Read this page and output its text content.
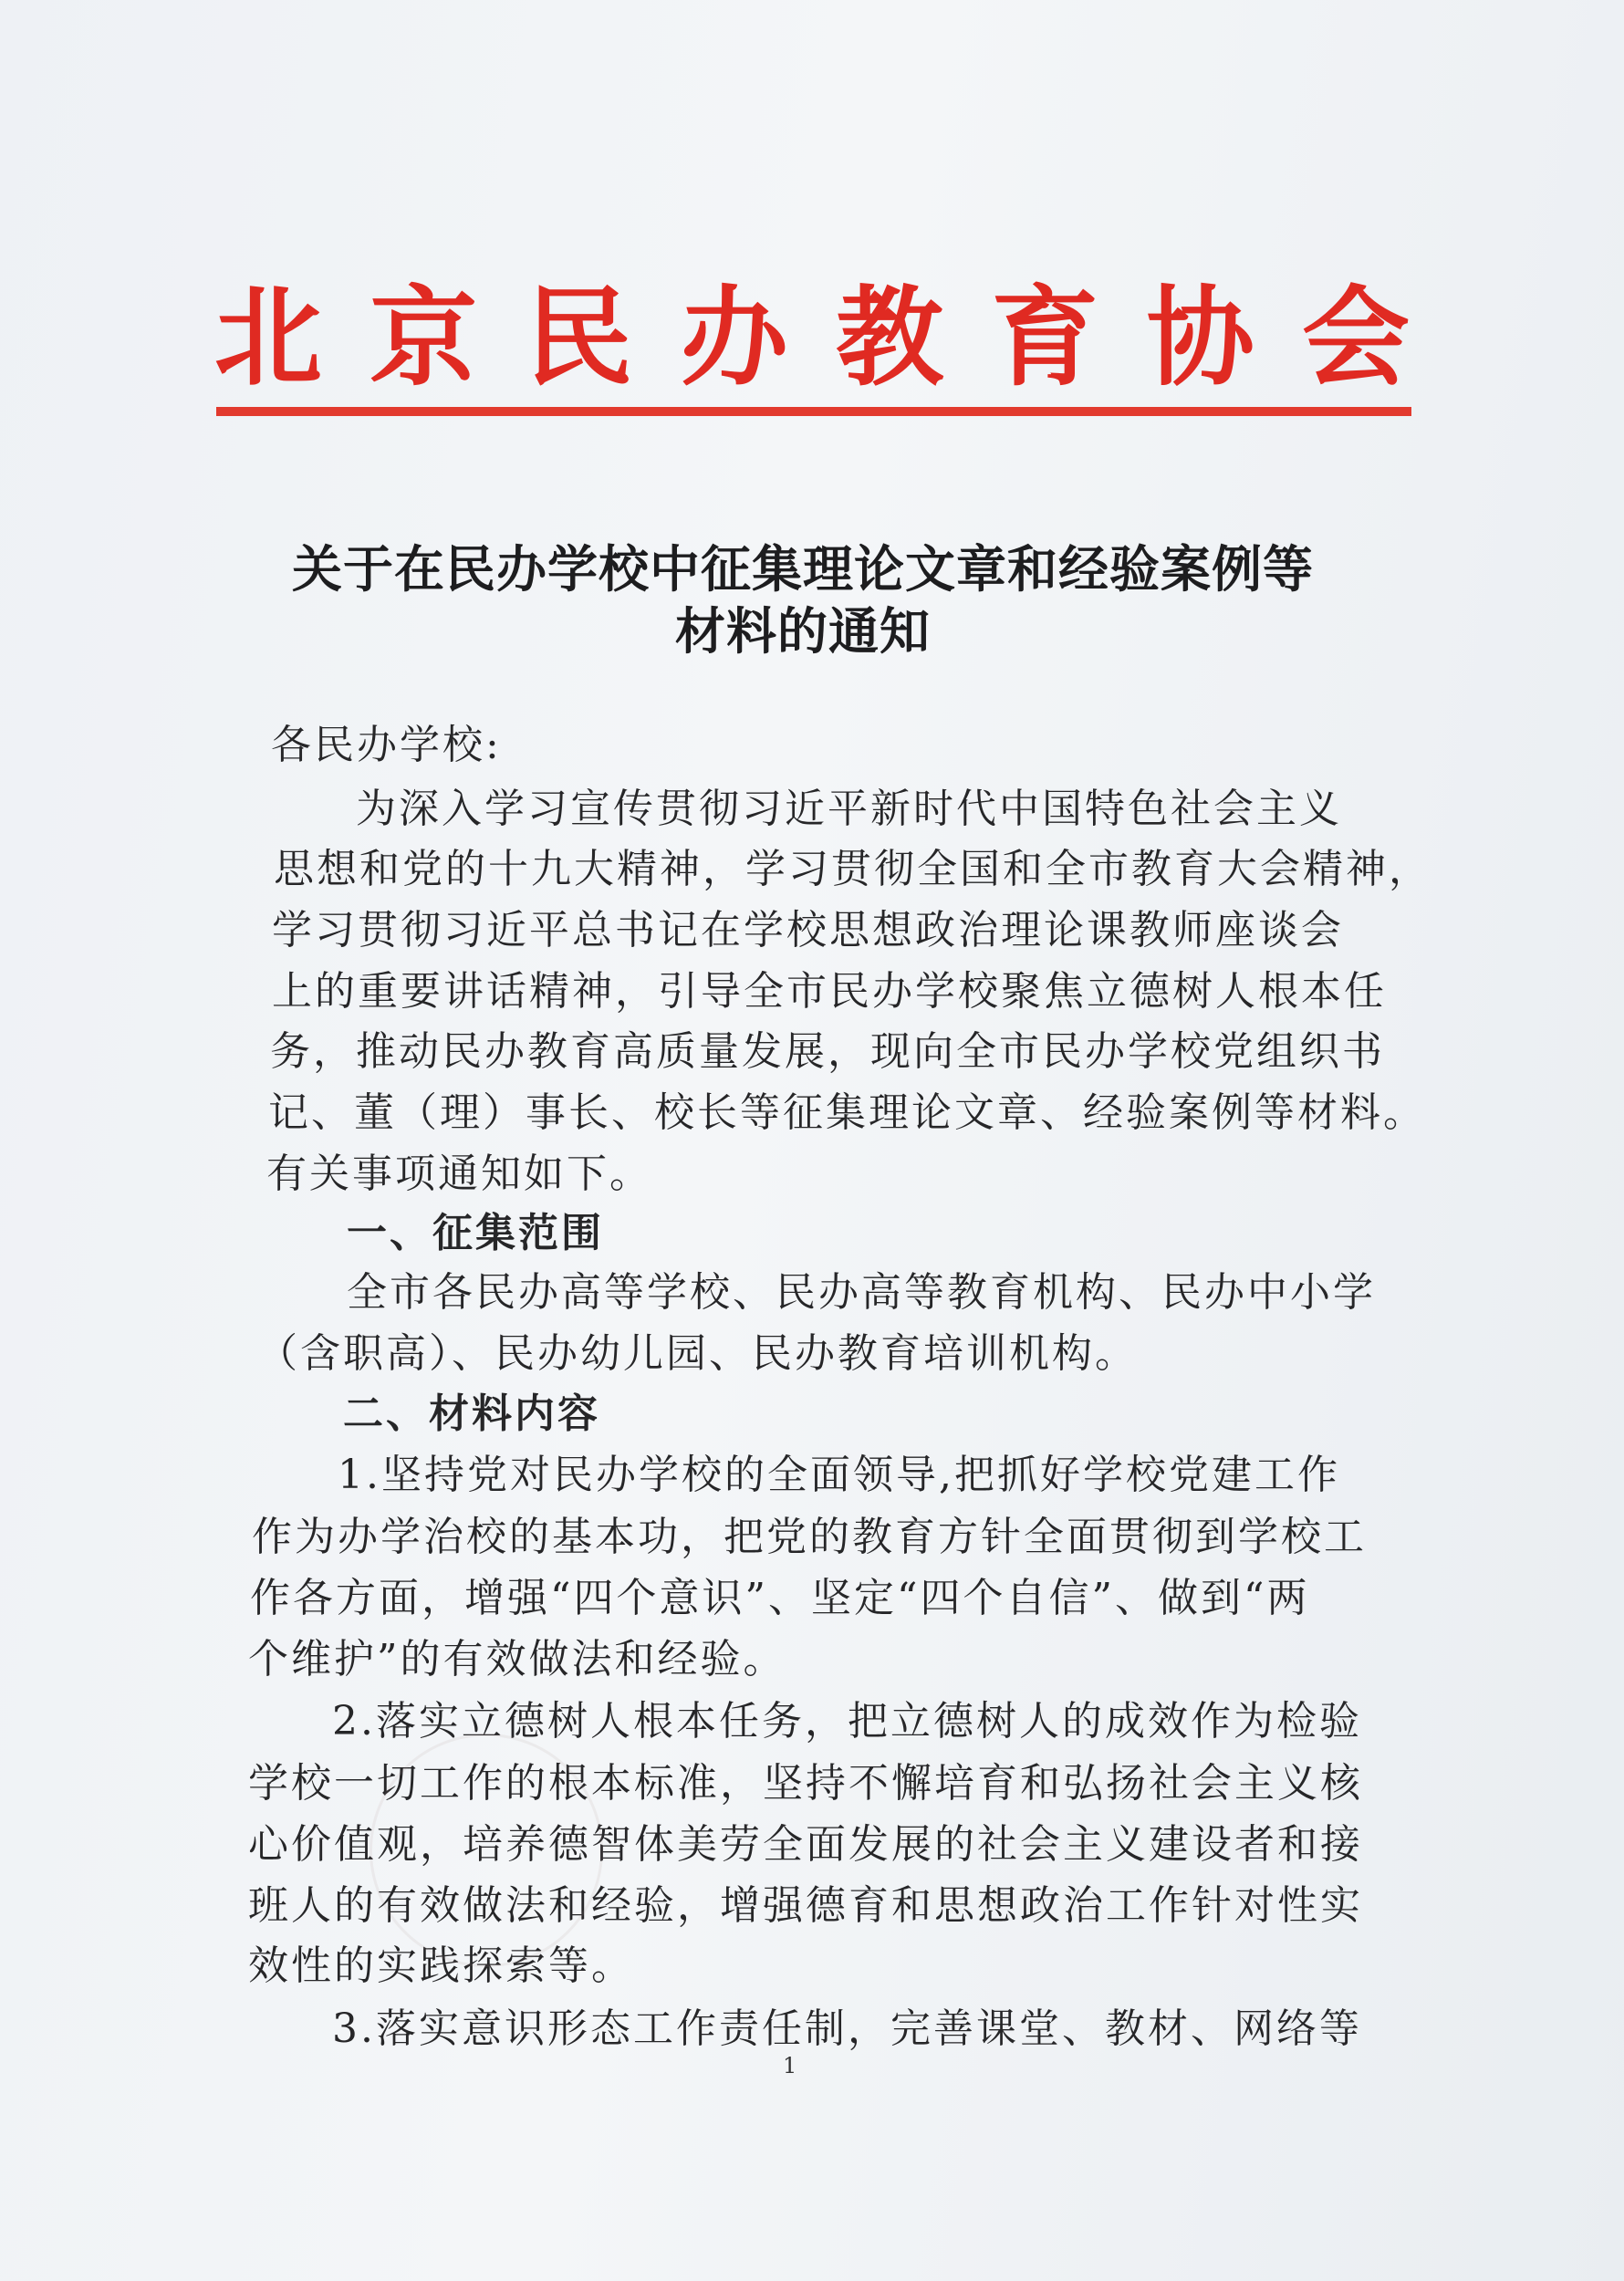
北 京 民 办 教 育 协 会
关于在民办学校中征集理论文章和经验案例等
材料的通知
各民办学校:
为深入学习宣传贯彻习近平新时代中国特色社会主义
思想和党的十九大精神，学习贯彻全国和全市教育大会精神，
学习贯彻习近平总书记在学校思想政治理论课教师座谈会
上的重要讲话精神，引导全市民办学校聚焦立德树人根本任
务，推动民办教育高质量发展，现向全市民办学校党组织书
记、董（理）事长、校长等征集理论文章、经验案例等材料。
有关事项通知如下。
一、征集范围
全市各民办高等学校、民办高等教育机构、民办中小学
（含职高）、民办幼儿园、民办教育培训机构。
二、材料内容
1.坚持党对民办学校的全面领导,把抓好学校党建工作
作为办学治校的基本功，把党的教育方针全面贯彻到学校工
作各方面，增强“四个意识”、坚定“四个自信”、做到“两
个维护”的有效做法和经验。
2.落实立德树人根本任务，把立德树人的成效作为检验
学校一切工作的根本标准，坚持不懈培育和弘扬社会主义核
心价值观，培养德智体美劳全面发展的社会主义建设者和接
班人的有效做法和经验，增强德育和思想政治工作针对性实
效性的实践探索等。
3.落实意识形态工作责任制，完善课堂、教材、网络等
1
